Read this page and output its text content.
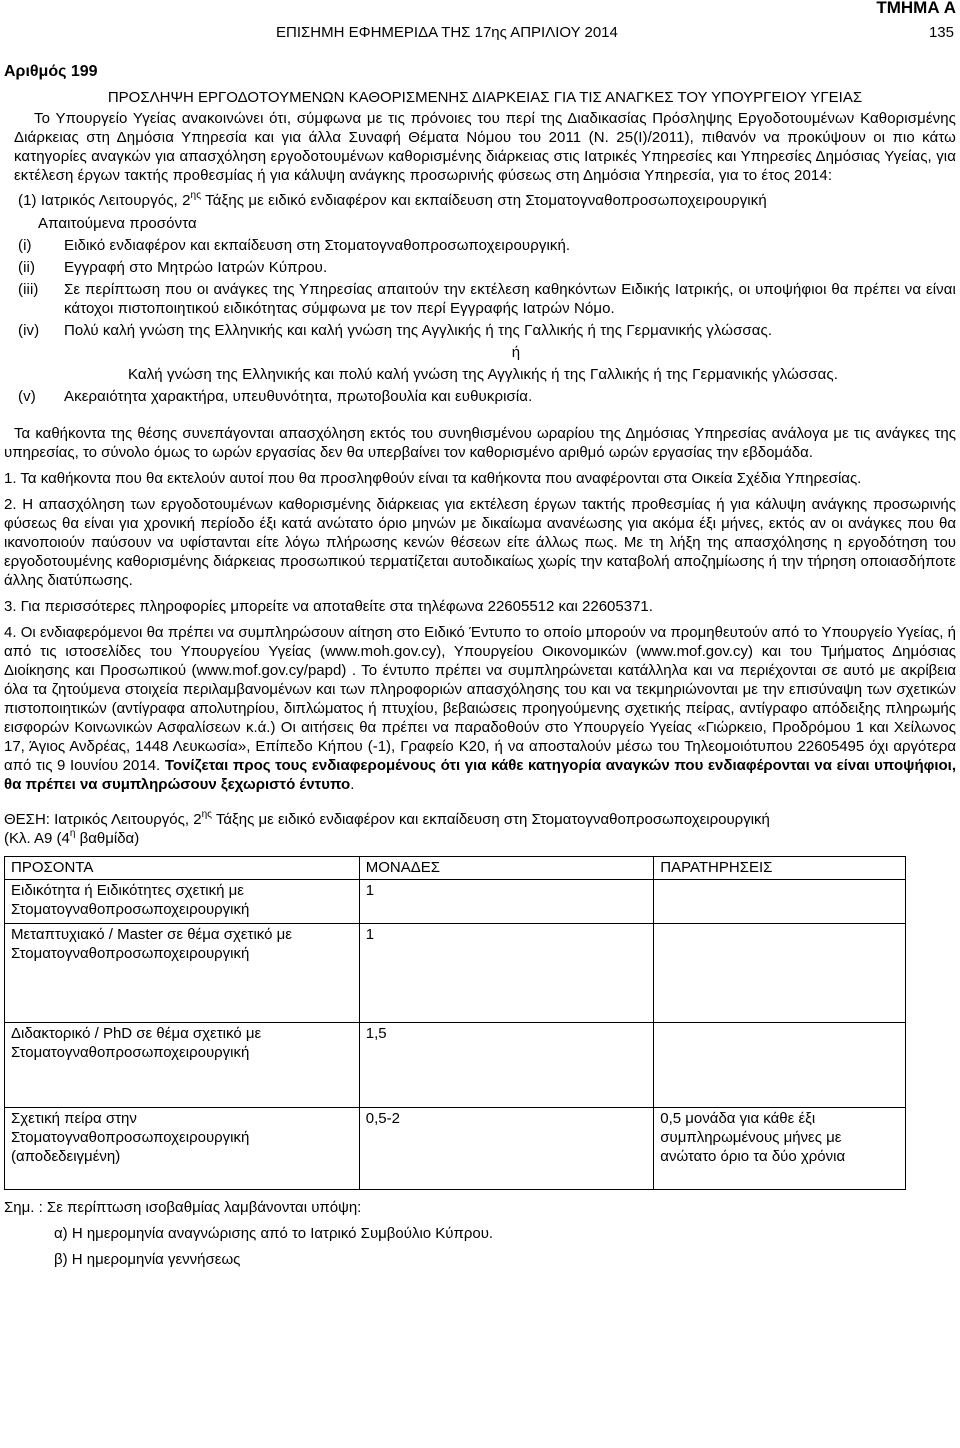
ΤΜΗΜΑ Α
ΕΠΙΣΗΜΗ ΕΦΗΜΕΡΙΔΑ ΤΗΣ 17ης ΑΠΡΙΛΙΟΥ 2014	135
Αριθμός 199
ΠΡΟΣΛΗΨΗ ΕΡΓΟΔΟΤΟΥΜΕΝΩΝ ΚΑΘΟΡΙΣΜΕΝΗΣ ΔΙΑΡΚΕΙΑΣ ΓΙΑ ΤΙΣ ΑΝΑΓΚΕΣ ΤΟΥ ΥΠΟΥΡΓΕΙΟΥ ΥΓΕΙΑΣ

Το Υπουργείο Υγείας ανακοινώνει ότι, σύμφωνα με τις πρόνοιες του περί της Διαδικασίας Πρόσληψης Εργοδοτουμένων Καθορισμένης Διάρκειας στη Δημόσια Υπηρεσία και για άλλα Συναφή Θέματα Νόμου του 2011 (Ν. 25(Ι)/2011), πιθανόν να προκύψουν οι πιο κάτω κατηγορίες αναγκών για απασχόληση εργοδοτουμένων καθορισμένης διάρκειας στις Ιατρικές Υπηρεσίες και Υπηρεσίες Δημόσιας Υγείας, για εκτέλεση έργων τακτής προθεσμίας ή για κάλυψη ανάγκης προσωρινής φύσεως στη Δημόσια Υπηρεσία, για το έτος 2014:

(1) Ιατρικός Λειτουργός, $2^{\eta\varsigma}$ Τάξης με ειδικό ενδιαφέρον και εκπαίδευση στη Στοματογναθοπροσωποχειρουργική

Απαιτούμενα προσόντα

(i)	Ειδικό ενδιαφέρον και εκπαίδευση στη Στοματογναθοπροσωποχειρουργική.
(ii)	Εγγραφή στο Μητρώο Ιατρών Κύπρου.
(iii)	Σε περίπτωση που οι ανάγκες της Υπηρεσίας απαιτούν την εκτέλεση καθηκόντων Ειδικής Ιατρικής, οι υποψήφιοι θα πρέπει να είναι κάτοχοι πιστοποιητικού ειδικότητας σύμφωνα με τον περί Εγγραφής Ιατρών Νόμο.
(iv)	Πολύ καλή γνώση της Ελληνικής και καλή γνώση της Αγγλικής ή της Γαλλικής ή της Γερμανικής γλώσσας.

ή

Καλή γνώση της Ελληνικής και πολύ καλή γνώση της Αγγλικής ή της Γαλλικής ή της Γερμανικής γλώσσας.

(v)	Ακεραιότητα χαρακτήρα, υπευθυνότητα, πρωτοβουλία και ευθυκρισία.

Τα καθήκοντα της θέσης συνεπάγονται απασχόληση εκτός του συνηθισμένου ωραρίου της Δημόσιας Υπηρεσίας ανάλογα με τις ανάγκες της υπηρεσίας, το σύνολο όμως το ωρών εργασίας δεν θα υπερβαίνει τον καθορισμένο αριθμό ωρών εργασίας την εβδομάδα.

1. Τα καθήκοντα που θα εκτελούν αυτοί που θα προσληφθούν είναι τα καθήκοντα που αναφέρονται στα Οικεία Σχέδια Υπηρεσίας.

2. Η απασχόληση των εργοδοτουμένων καθορισμένης διάρκειας για εκτέλεση έργων τακτής προθεσμίας ή για κάλυψη ανάγκης προσωρινής φύσεως θα είναι για χρονική περίοδο έξι κατά ανώτατο όριο μηνών με δικαίωμα ανανέωσης για ακόμα έξι μήνες, εκτός αν οι ανάγκες που θα ικανοποιούν παύσουν να υφίστανται είτε λόγω πλήρωσης κενών θέσεων είτε άλλως πως. Με τη λήξη της απασχόλησης η εργοδότηση του εργοδοτουμένης καθορισμένης διάρκειας προσωπικού τερματίζεται αυτοδικαίως χωρίς την καταβολή αποζημίωσης ή την τήρηση οποιασδήποτε άλλης διατύπωσης.

3. Για περισσότερες πληροφορίες μπορείτε να αποταθείτε στα τηλέφωνα 22605512 και 22605371.

4. Οι ενδιαφερόμενοι θα πρέπει να συμπληρώσουν αίτηση στο Ειδικό Έντυπο το οποίο μπορούν να προμηθευτούν από το Υπουργείο Υγείας, ή από τις ιστοσελίδες του Υπουργείου Υγείας (www.moh.gov.cy), Υπουργείου Οικονομικών (www.mof.gov.cy) και του Τμήματος Δημόσιας Διοίκησης και Προσωπικού (www.mof.gov.cy/papd) . Το έντυπο πρέπει να συμπληρώνεται κατάλληλα και να περιέχονται σε αυτό με ακρίβεια όλα τα ζητούμενα στοιχεία περιλαμβανομένων και των πληροφοριών απασχόλησης του και να τεκμηριώνονται με την επισύναψη των σχετικών πιστοποιητικών (αντίγραφα απολυτηρίου, διπλώματος ή πτυχίου, βεβαιώσεις προηγούμενης σχετικής πείρας, αντίγραφο απόδειξης πληρωμής εισφορών Κοινωνικών Ασφαλίσεων κ.ά.) Οι αιτήσεις θα πρέπει να παραδοθούν στο Υπουργείο Υγείας «Γιώρκειο, Προδρόμου 1 και Χείλωνος 17, Άγιος Ανδρέας, 1448 Λευκωσία», Επίπεδο Κήπου (-1), Γραφείο Κ20, ή να αποσταλούν μέσω του Τηλεομοιότυπου 22605495 όχι αργότερα από τις 9 Ιουνίου 2014. Τονίζεται προς τους ενδιαφερομένους ότι για κάθε κατηγορία αναγκών που ενδιαφέρονται να είναι υποψήφιοι, θα πρέπει να συμπληρώσουν ξεχωριστό έντυπο.

ΘΕΣΗ: Ιατρικός Λειτουργός, $2^{\eta\varsigma}$ Τάξης με ειδικό ενδιαφέρον και εκπαίδευση στη Στοματογναθοπροσωποχειρουργική

(Κλ. Α9 ($4^\eta$ βαθμίδα)

ΠΡΟΣΟΝΤΑ	ΜΟΝΑΔΕΣ	ΠΑΡΑΤΗΡΗΣΕΙΣ
Ειδικότητα ή Ειδικότητες σχετική με Στοματογναθοπροσωποχειρουργική	1	
Μεταπτυχιακό / Master σε θέμα σχετικό με Στοματογναθοπροσωποχειρουργική	1	
Διδακτορικό / PhD σε θέμα σχετικό με Στοματογναθοπροσωποχειρουργική	1,5	
Σχετική πείρα στην Στοματογναθοπροσωποχειρουργική (αποδεδειγμένη)	0,5-2	0,5 μονάδα για κάθε έξι συμπληρωμένους μήνες με ανώτατο όριο τα δύο χρόνια

Σημ. : Σε περίπτωση ισοβαθμίας λαμβάνονται υπόψη:

α) Η ημερομηνία αναγνώρισης από το Ιατρικό Συμβούλιο Κύπρου.

β) Η ημερομηνία γεννήσεως
